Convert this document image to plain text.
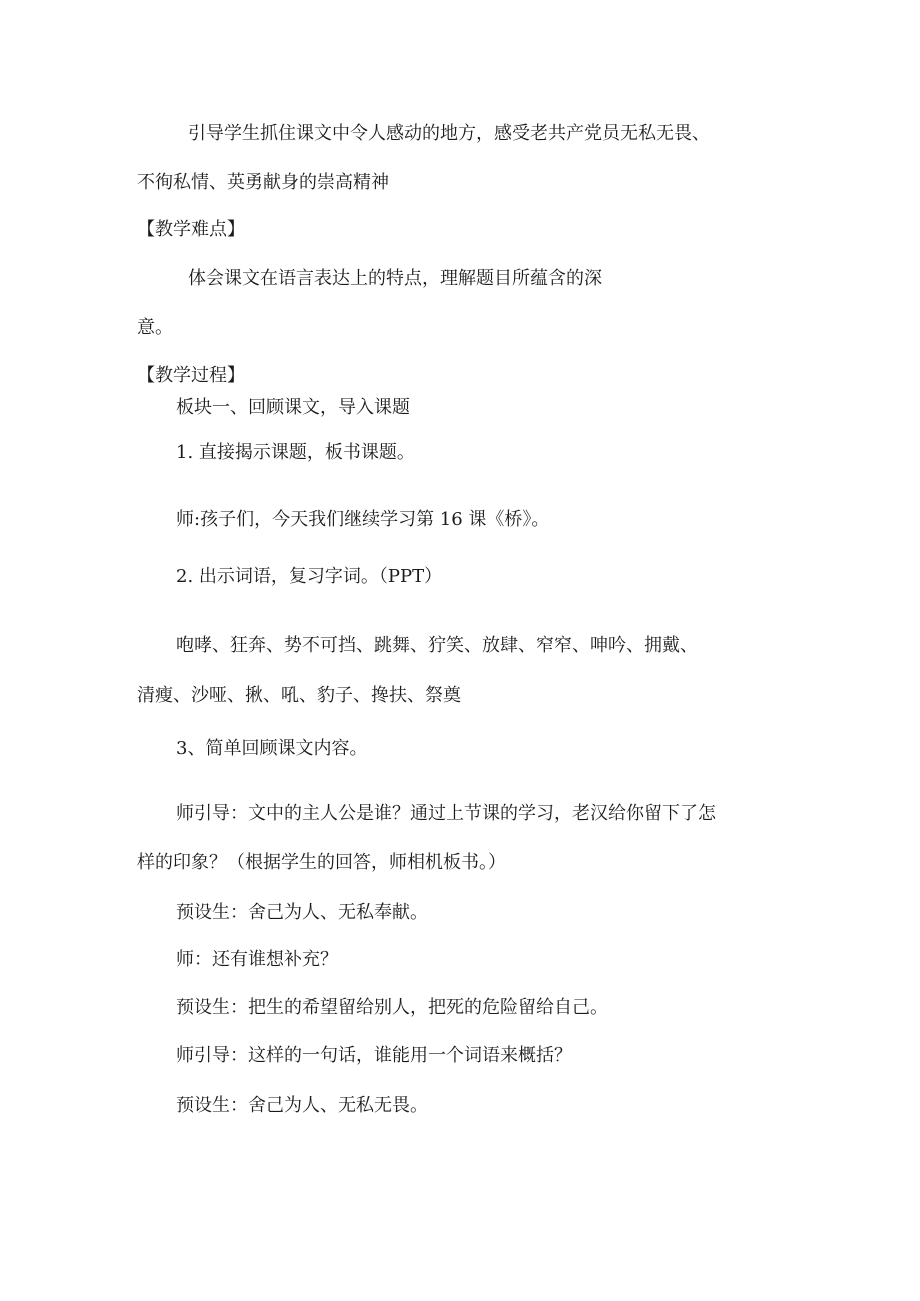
引导学生抓住课文中令人感动的地方，感受老共产党员无私无畏、
不徇私情、英勇献身的崇高精神
【教学难点】
体会课文在语言表达上的特点，理解题目所蕴含的深
意。
【教学过程】
板块一、回顾课文，导入课题
1. 直接揭示课题，板书课题。
师:孩子们，今天我们继续学习第 16 课《桥》。
2. 出示词语，复习字词。（PPT）
咆哮、狂奔、势不可挡、跳舞、狞笑、放肆、窄窄、呻吟、拥戴、
清瘦、沙哑、揪、吼、豹子、搀扶、祭奠
3、简单回顾课文内容。
师引导：文中的主人公是谁？通过上节课的学习，老汉给你留下了怎
样的印象？（根据学生的回答，师相机板书。）
预设生：舍己为人、无私奉献。
师：还有谁想补充？
预设生：把生的希望留给别人，把死的危险留给自己。
师引导：这样的一句话，谁能用一个词语来概括？
预设生：舍己为人、无私无畏。
